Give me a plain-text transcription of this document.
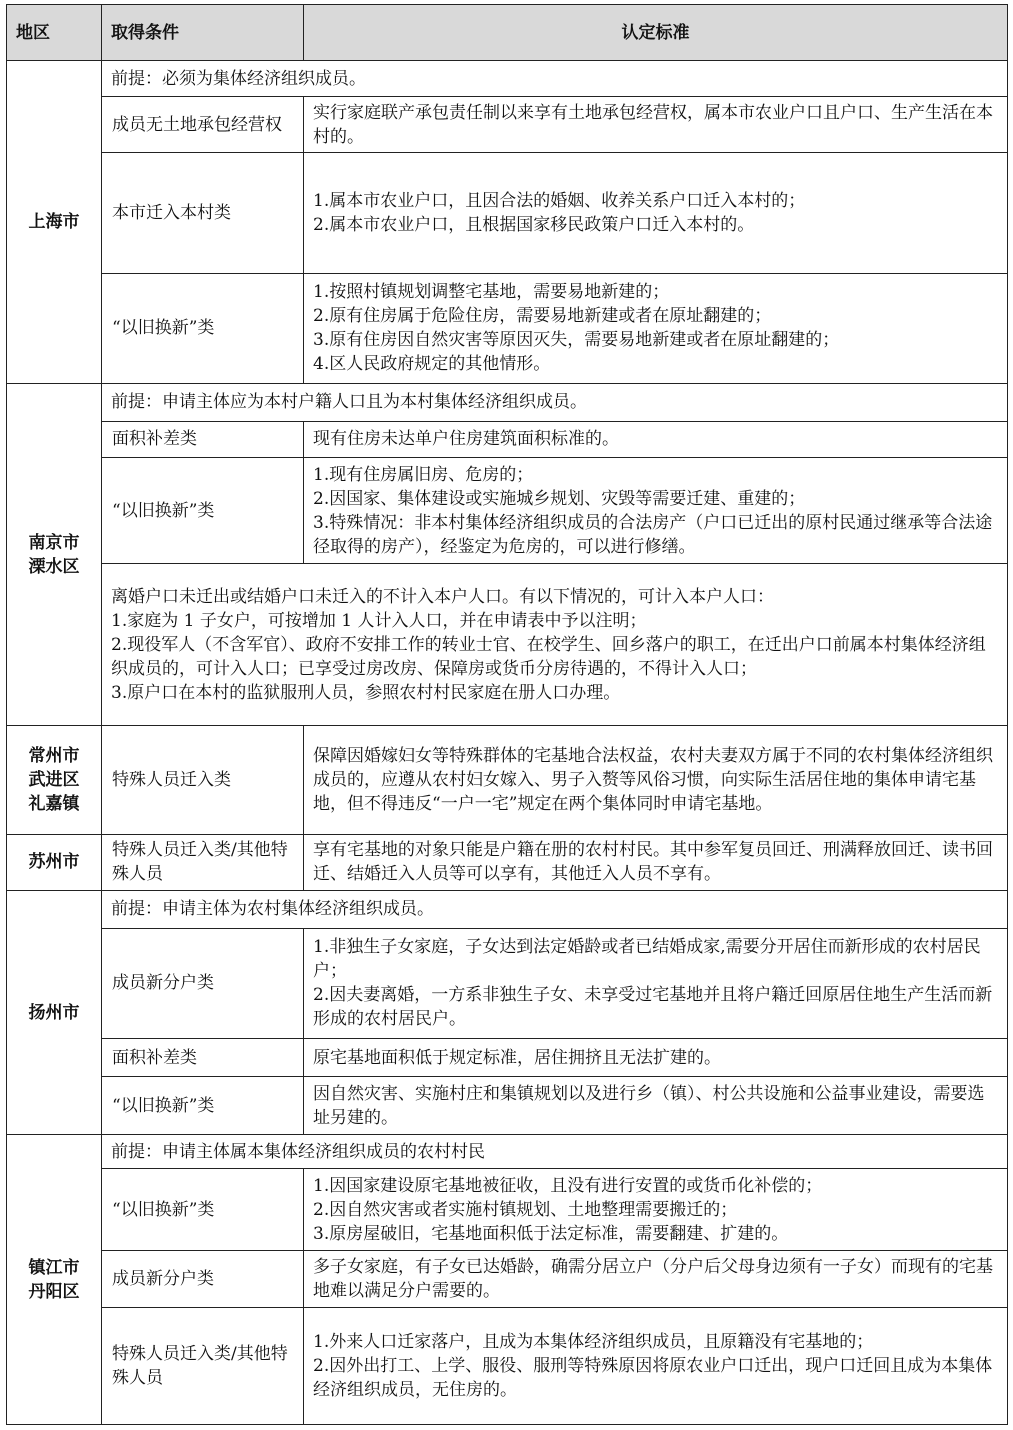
地区	取得条件	认定标准
上海市	前提：必须为集体经济组织成员。	
	成员无土地承包经营权	实行家庭联产承包责任制以来享有土地承包经营权，属本市农业户口且户口、生产生活在本村的。

	本市迁入本村类	1.属本市农业户口，且因合法的婚姻、收养关系户口迁入本村的；
2.属本市农业户口，且根据国家移民政策户口迁入本村的。

	“以旧换新”类	1.按照村镇规划调整宅基地，需要易地新建的；
2.原有住房属于危险住房，需要易地新建或者在原址翻建的；
3.原有住房因自然灾害等原因灭失，需要易地新建或者在原址翻建的；
4.区人民政府规定的其他情形。

南京市
溧水区	前提：申请主体应为本村户籍人口且为本村集体经济组织成员。	
	面积补差类	现有住房未达单户住房建筑面积标准的。

	“以旧换新”类	1.现有住房属旧房、危房的；
2.因国家、集体建设或实施城乡规划、灾毁等需要迁建、重建的；
3.特殊情况：非本村集体经济组织成员的合法房产（户口已迁出的原村民通过继承等合法途径取得的房产），经鉴定为危房的，可以进行修缮。

	离婚户口未迁出或结婚户口未迁入的不计入本户人口。有以下情况的，可计入本户人口：
1.家庭为 1 子女户，可按增加 1 人计入人口，并在申请表中予以注明；
2.现役军人（不含军官）、政府不安排工作的转业士官、在校学生、回乡落户的职工，在迁出户口前属本村集体经济组织成员的，可计入人口；已享受过房改房、保障房或货币分房待遇的，不得计入人口；
3.原户口在本村的监狱服刑人员，参照农村村民家庭在册人口办理。	

常州市
武进区
礼嘉镇	特殊人员迁入类	保障因婚嫁妇女等特殊群体的宅基地合法权益，农村夫妻双方属于不同的农村集体经济组织成员的，应遵从农村妇女嫁入、男子入赘等风俗习惯，向实际生活居住地的集体申请宅基地，但不得违反“一户一宅”规定在两个集体同时申请宅基地。

苏州市	特殊人员迁入类/其他特殊人员	享有宅基地的对象只能是户籍在册的农村村民。其中参军复员回迁、刑满释放回迁、读书回迁、结婚迁入人员等可以享有，其他迁入人员不享有。

扬州市	前提：申请主体为农村集体经济组织成员。	
	成员新分户类	1.非独生子女家庭，子女达到法定婚龄或者已结婚成家,需要分开居住而新形成的农村居民户；
2.因夫妻离婚，一方系非独生子女、未享受过宅基地并且将户籍迁回原居住地生产生活而新形成的农村居民户。

	面积补差类	原宅基地面积低于规定标准，居住拥挤且无法扩建的。

	“以旧换新”类	因自然灾害、实施村庄和集镇规划以及进行乡（镇）、村公共设施和公益事业建设，需要选址另建的。

镇江市
丹阳区	前提：申请主体属本集体经济组织成员的农村村民	
	“以旧换新”类	1.因国家建设原宅基地被征收，且没有进行安置的或货币化补偿的；
2.因自然灾害或者实施村镇规划、土地整理需要搬迁的；
3.原房屋破旧，宅基地面积低于法定标准，需要翻建、扩建的。

	成员新分户类	多子女家庭，有子女已达婚龄，确需分居立户（分户后父母身边须有一子女）而现有的宅基地难以满足分户需要的。

	特殊人员迁入类/其他特殊人员	1.外来人口迁家落户，且成为本集体经济组织成员，且原籍没有宅基地的；
2.因外出打工、上学、服役、服刑等特殊原因将原农业户口迁出，现户口迁回且成为本集体经济组织成员，无住房的。
